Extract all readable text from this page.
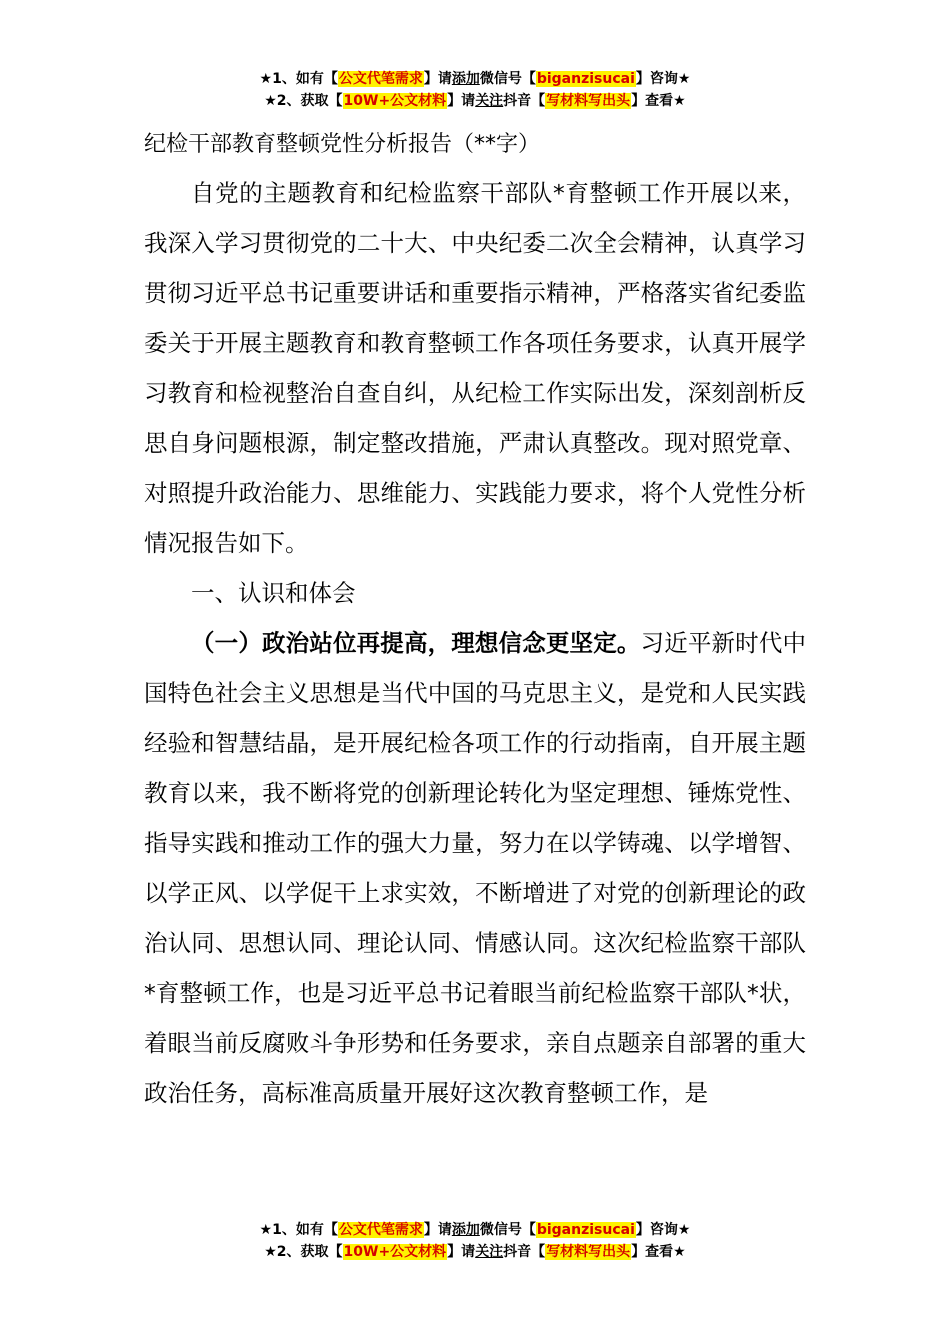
★1、如有【公文代笔需求】请添加微信号【biganzisucai】咨询★
★2、获取【10W+公文材料】请关注抖音【写材料写出头】查看★
纪检干部教育整顿党性分析报告（**字）

自党的主题教育和纪检监察干部队*育整顿工作开展以来，我深入学习贯彻党的二十大、中央纪委二次全会精神，认真学习贯彻习近平总书记重要讲话和重要指示精神，严格落实省纪委监委关于开展主题教育和教育整顿工作各项任务要求，认真开展学习教育和检视整治自查自纠，从纪检工作实际出发，深刻剖析反思自身问题根源，制定整改措施，严肃认真整改。现对照党章、对照提升政治能力、思维能力、实践能力要求，将个人党性分析情况报告如下。

一、认识和体会

（一）政治站位再提高，理想信念更坚定。习近平新时代中国特色社会主义思想是当代中国的马克思主义，是党和人民实践经验和智慧结晶，是开展纪检各项工作的行动指南，自开展主题教育以来，我不断将党的创新理论转化为坚定理想、锤炼党性、指导实践和推动工作的强大力量，努力在以学铸魂、以学增智、以学正风、以学促干上求实效，不断增进了对党的创新理论的政治认同、思想认同、理论认同、情感认同。这次纪检监察干部队*育整顿工作，也是习近平总书记着眼当前纪检监察干部队*状，着眼当前反腐败斗争形势和任务要求，亲自点题亲自部署的重大政治任务，高标准高质量开展好这次教育整顿工作，是

★1、如有【公文代笔需求】请添加微信号【biganzisucai】咨询★
★2、获取【10W+公文材料】请关注抖音【写材料写出头】查看★
